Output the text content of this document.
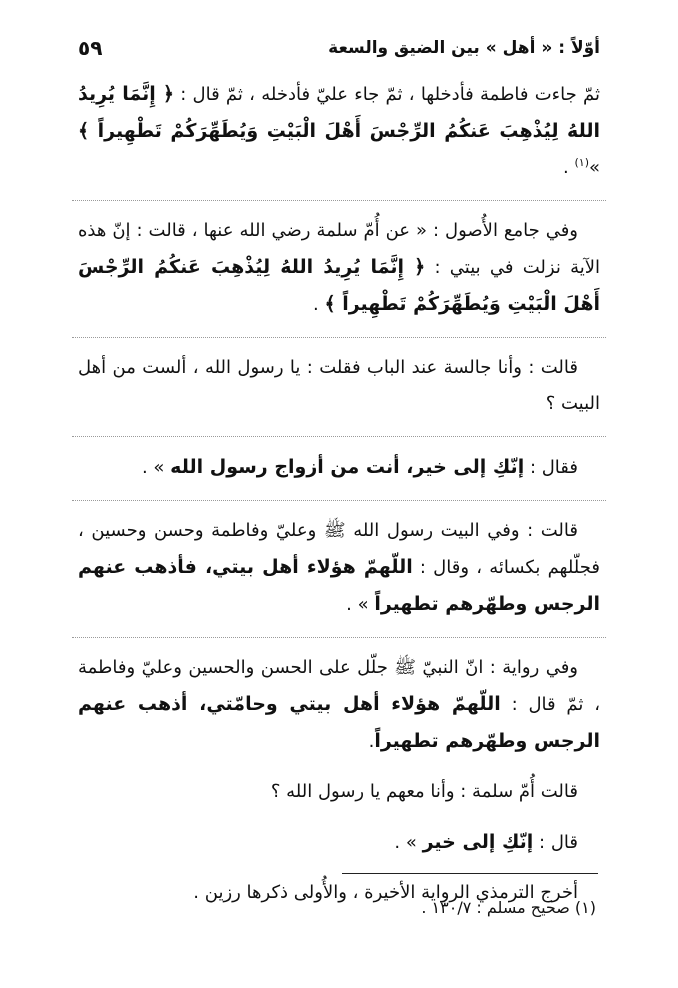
أوّلاً : « أهل » بين الضيق والسعة
٥٩

ثمّ جاءت فاطمة فأدخلها ، ثمّ جاء عليّ فأدخله ، ثمّ قال : ﴿ إِنَّمَا يُرِيدُ اللهُ لِيُذْهِبَ عَنكُمُ الرِّجْسَ أَهْلَ الْبَيْتِ وَيُطَهِّرَكُمْ تَطْهِيراً ﴾ »$^{(١)}$ .

وفي جامع الأُصول : « عن أُمّ سلمة رضي الله عنها ، قالت : إنّ هذه الآية نزلت في بيتي : ﴿ إِنَّمَا يُرِيدُ اللهُ لِيُذْهِبَ عَنكُمُ الرِّجْسَ أَهْلَ الْبَيْتِ وَيُطَهِّرَكُمْ تَطْهِيراً ﴾ .

قالت : وأنا جالسة عند الباب فقلت : يا رسول الله ، ألست من أهل البيت ؟

فقال : إنّكِ إلى خير، أنت من أزواج رسول الله » .

قالت : وفي البيت رسول الله ﷺ وعليّ وفاطمة وحسن وحسين ، فجلّلهم بكسائه ، وقال : اللّهمّ هؤلاء أهل بيتي، فأذهب عنهم الرجس وطهّرهم تطهيراً » .

وفي رواية : انّ النبيّ ﷺ جلّل على الحسن والحسين وعليّ وفاطمة ، ثمّ قال : اللّهمّ هؤلاء أهل بيتي وحامّتي، أذهب عنهم الرجس وطهّرهم تطهيراً.

قالت أُمّ سلمة : وأنا معهم يا رسول الله ؟

قال : إنّكِ إلى خير » .

أخرج الترمذي الرواية الأخيرة ، والأُولى ذكرها رزين .

(١) صحيح مسلم : ١٣٠/٧ .
